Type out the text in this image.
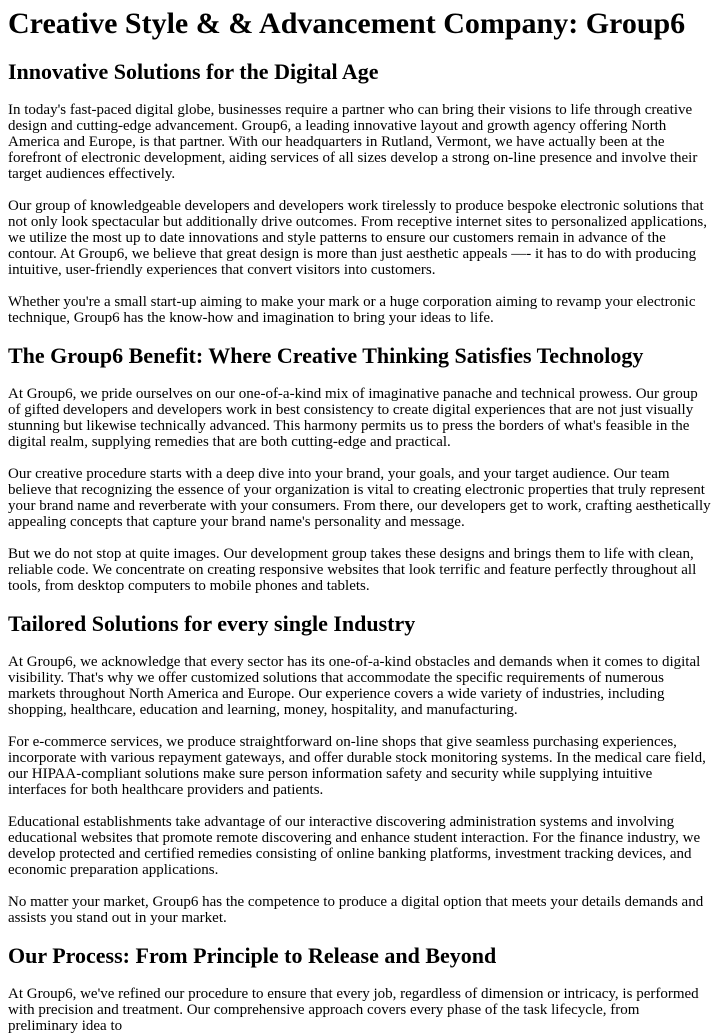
Creative Style & & Advancement Company: Group6
Innovative Solutions for the Digital Age

In today's fast-paced digital globe, businesses require a partner who can bring their visions to life through creative design and cutting-edge advancement. Group6, a leading innovative layout and growth agency offering North America and Europe, is that partner. With our headquarters in Rutland, Vermont, we have actually been at the forefront of electronic development, aiding services of all sizes develop a strong on-line presence and involve their target audiences effectively.

Our group of knowledgeable developers and developers work tirelessly to produce bespoke electronic solutions that not only look spectacular but additionally drive outcomes. From receptive internet sites to personalized applications, we utilize the most up to date innovations and style patterns to ensure our customers remain in advance of the contour. At Group6, we believe that great design is more than just aesthetic appeals —- it has to do with producing intuitive, user-friendly experiences that convert visitors into customers.

Whether you're a small start-up aiming to make your mark or a huge corporation aiming to revamp your electronic technique, Group6 has the know-how and imagination to bring your ideas to life.

The Group6 Benefit: Where Creative Thinking Satisfies Technology

At Group6, we pride ourselves on our one-of-a-kind mix of imaginative panache and technical prowess. Our group of gifted developers and developers work in best consistency to create digital experiences that are not just visually stunning but likewise technically advanced. This harmony permits us to press the borders of what's feasible in the digital realm, supplying remedies that are both cutting-edge and practical.

Our creative procedure starts with a deep dive into your brand, your goals, and your target audience. Our team believe that recognizing the essence of your organization is vital to creating electronic properties that truly represent your brand name and reverberate with your consumers. From there, our developers get to work, crafting aesthetically appealing concepts that capture your brand name's personality and message.

But we do not stop at quite images. Our development group takes these designs and brings them to life with clean, reliable code. We concentrate on creating responsive websites that look terrific and feature perfectly throughout all tools, from desktop computers to mobile phones and tablets.

Tailored Solutions for every single Industry

At Group6, we acknowledge that every sector has its one-of-a-kind obstacles and demands when it comes to digital visibility. That's why we offer customized solutions that accommodate the specific requirements of numerous markets throughout North America and Europe. Our experience covers a wide variety of industries, including shopping, healthcare, education and learning, money, hospitality, and manufacturing.

For e-commerce services, we produce straightforward on-line shops that give seamless purchasing experiences, incorporate with various repayment gateways, and offer durable stock monitoring systems. In the medical care field, our HIPAA-compliant solutions make sure person information safety and security while supplying intuitive interfaces for both healthcare providers and patients.

Educational establishments take advantage of our interactive discovering administration systems and involving educational websites that promote remote discovering and enhance student interaction. For the finance industry, we develop protected and certified remedies consisting of online banking platforms, investment tracking devices, and economic preparation applications.

No matter your market, Group6 has the competence to produce a digital option that meets your details demands and assists you stand out in your market.

Our Process: From Principle to Release and Beyond

At Group6, we've refined our procedure to ensure that every job, regardless of dimension or intricacy, is performed with precision and treatment. Our comprehensive approach covers every phase of the task lifecycle, from preliminary idea to
